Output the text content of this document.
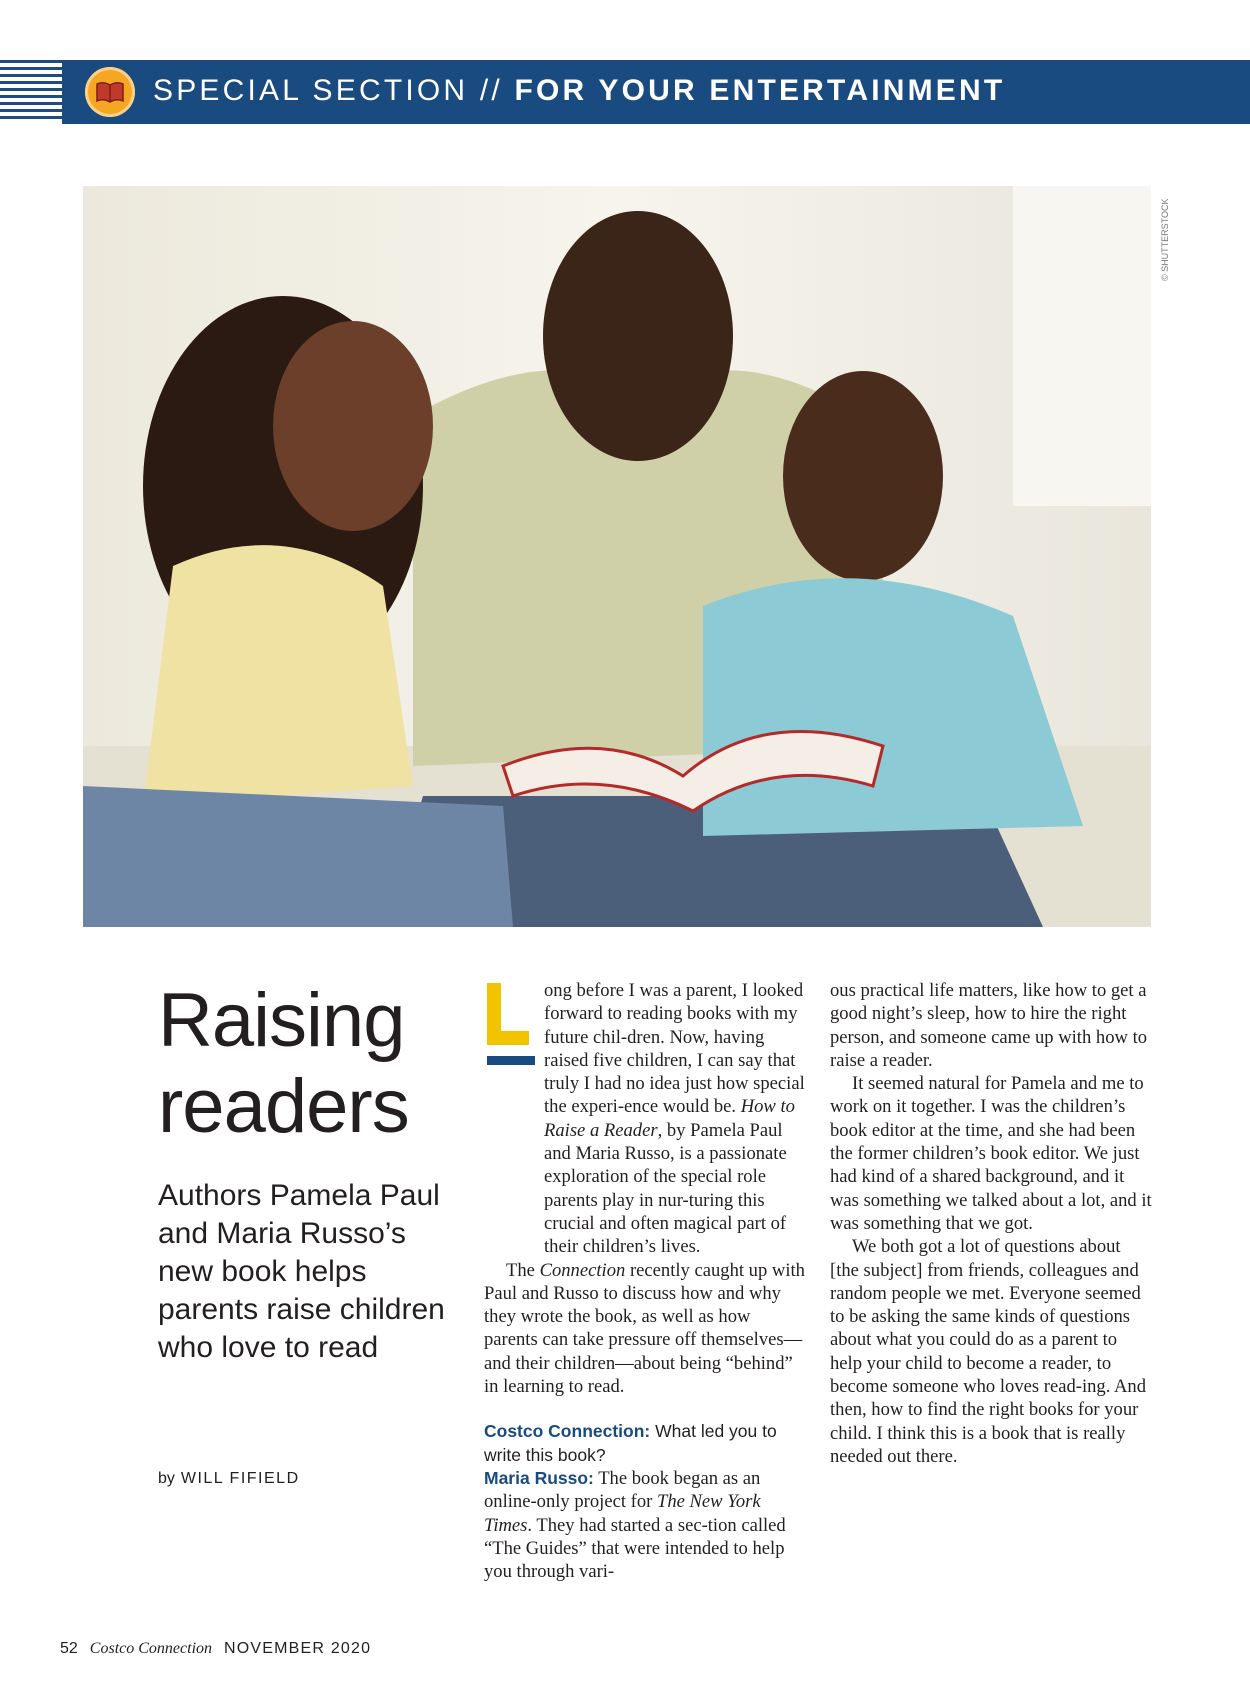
SPECIAL SECTION // FOR YOUR ENTERTAINMENT
© SHUTTERSTOCK
Raising
readers
Authors Pamela Paul and Maria Russo’s new book helps parents raise children who love to read
by WILL FIFIELD

ong before I was a parent, I looked forward to reading books with my future chil-dren. Now, having raised five children, I can say that truly I had no idea just how special the experi-ence would be. How to Raise a Reader, by Pamela Paul and Maria Russo, is a passionate exploration of the special role parents play in nur-turing this crucial and often magical part of their children’s lives.

The Connection recently caught up with Paul and Russo to discuss how and why they wrote the book, as well as how parents can take pressure off themselves—and their children—about being “behind” in learning to read.

Costco Connection: What led you to write this book?

Maria Russo: The book began as an online-only project for The New York Times. They had started a sec-tion called “The Guides” that were intended to help you through vari-

ous practical life matters, like how to get a good night’s sleep, how to hire the right person, and someone came up with how to raise a reader.

It seemed natural for Pamela and me to work on it together. I was the children’s book editor at the time, and she had been the former children’s book editor. We just had kind of a shared background, and it was something we talked about a lot, and it was something that we got.

We both got a lot of questions about [the subject] from friends, colleagues and random people we met. Everyone seemed to be asking the same kinds of questions about what you could do as a parent to help your child to become a reader, to become someone who loves read-ing. And then, how to find the right books for your child. I think this is a book that is really needed out there.

52 Costco Connection NOVEMBER 2020
